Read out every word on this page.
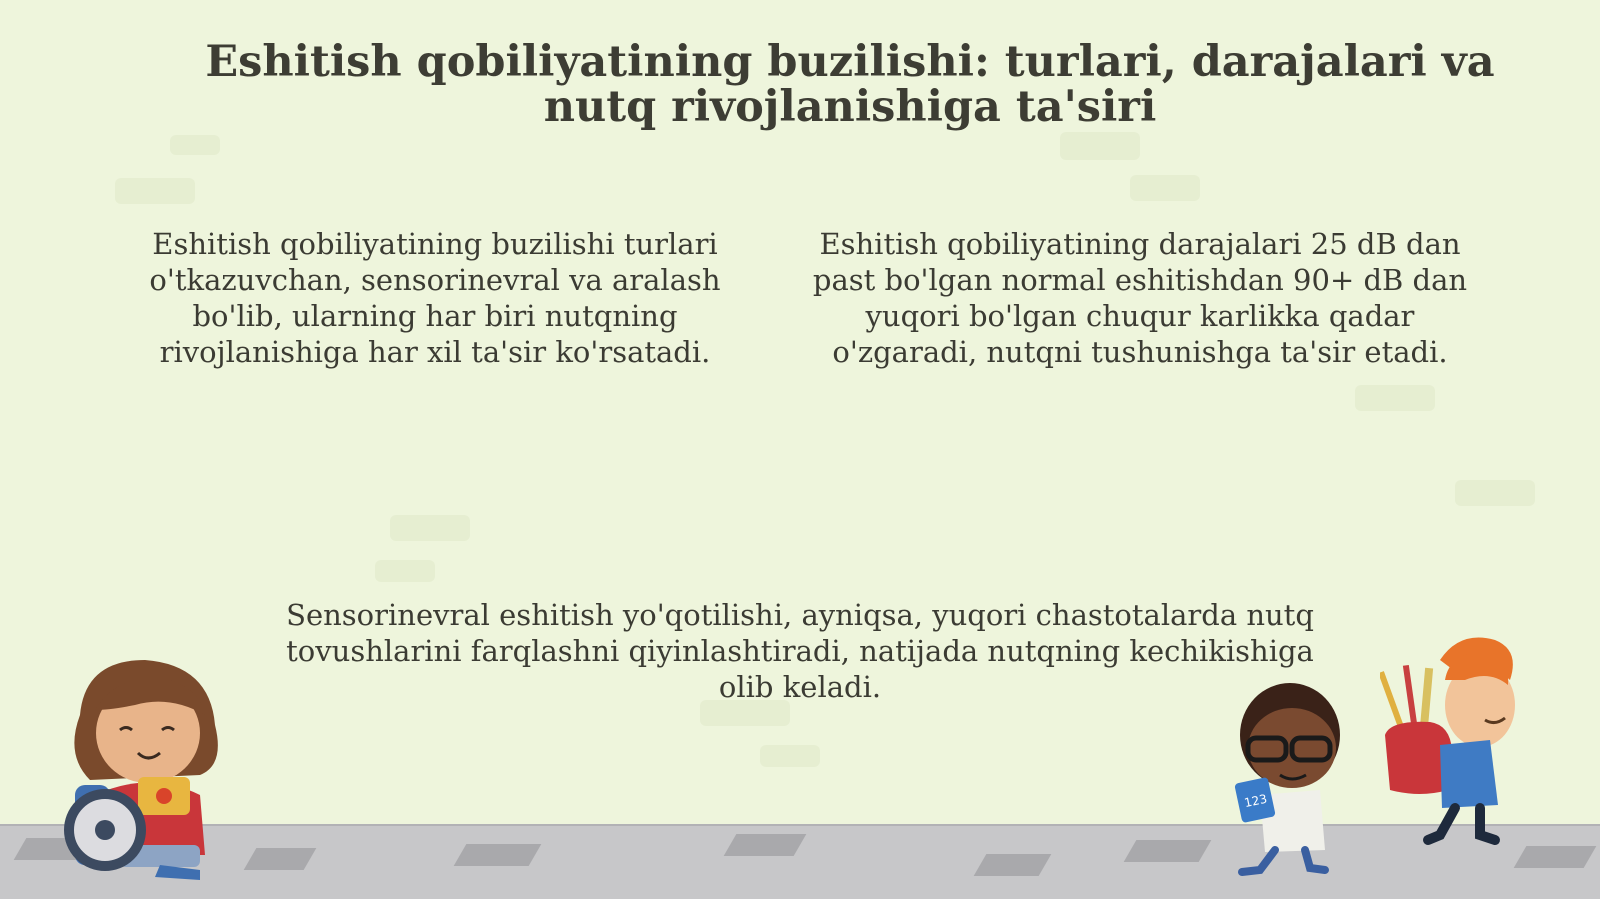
Eshitish qobiliyatining buzilishi: turlari, darajalari va nutq rivojlanishiga ta'siri

Eshitish qobiliyatining buzilishi turlari o'tkazuvchan, sensorinevral va aralash bo'lib, ularning har biri nutqning rivojlanishiga har xil ta'sir ko'rsatadi.

Eshitish qobiliyatining darajalari 25 dB dan past bo'lgan normal eshitishdan 90+ dB dan yuqori bo'lgan chuqur karlikka qadar o'zgaradi, nutqni tushunishga ta'sir etadi.

Sensorinevral eshitish yo'qotilishi, ayniqsa, yuqori chastotalarda nutq tovushlarini farqlashni qiyinlashtiradi, natijada nutqning kechikishiga olib keladi.

123
